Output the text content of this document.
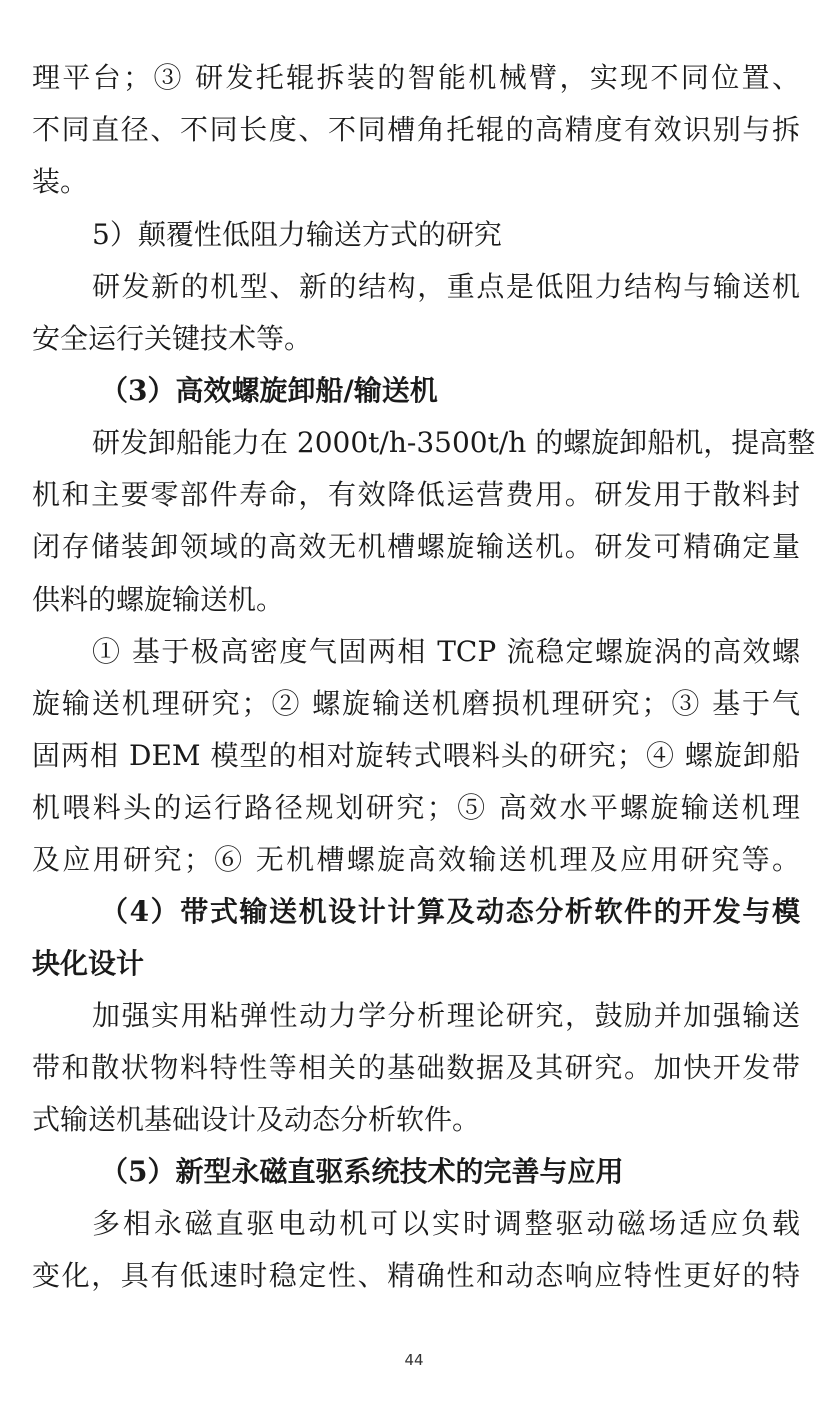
理平台；③ 研发托辊拆装的智能机械臂，实现不同位置、
不同直径、不同长度、不同槽角托辊的高精度有效识别与拆
装。
5）颠覆性低阻力输送方式的研究
研发新的机型、新的结构，重点是低阻力结构与输送机
安全运行关键技术等。
（3）高效螺旋卸船/输送机
研发卸船能力在 2000t/h-3500t/h 的螺旋卸船机，提高整
机和主要零部件寿命，有效降低运营费用。研发用于散料封
闭存储装卸领域的高效无机槽螺旋输送机。研发可精确定量
供料的螺旋输送机。
① 基于极高密度气固两相 TCP 流稳定螺旋涡的高效螺
旋输送机理研究；② 螺旋输送机磨损机理研究；③ 基于气
固两相 DEM 模型的相对旋转式喂料头的研究；④ 螺旋卸船
机喂料头的运行路径规划研究；⑤ 高效水平螺旋输送机理
及应用研究；⑥ 无机槽螺旋高效输送机理及应用研究等。
（4）带式输送机设计计算及动态分析软件的开发与模
块化设计
加强实用粘弹性动力学分析理论研究，鼓励并加强输送
带和散状物料特性等相关的基础数据及其研究。加快开发带
式输送机基础设计及动态分析软件。
（5）新型永磁直驱系统技术的完善与应用
多相永磁直驱电动机可以实时调整驱动磁场适应负载
变化，具有低速时稳定性、精确性和动态响应特性更好的特
44
